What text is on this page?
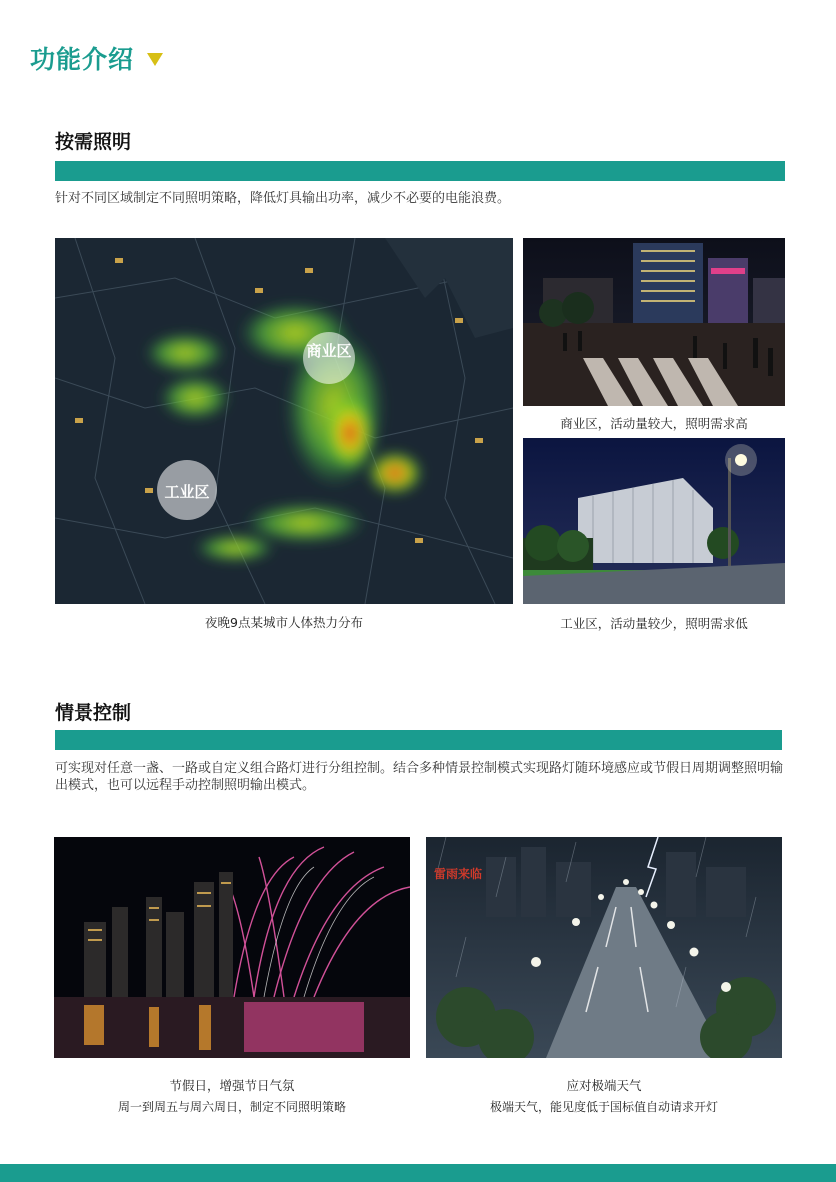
功能介绍
按需照明
针对不同区域制定不同照明策略，降低灯具输出功率，减少不必要的电能浪费。
商业区
工业区
夜晚9点某城市人体热力分布
商业区，活动量较大，照明需求高
工业区，活动量较少，照明需求低
情景控制
可实现对任意一盏、一路或自定义组合路灯进行分组控制。结合多种情景控制模式实现路灯随环境感应或节假日周期调整照明输出模式，也可以远程手动控制照明输出模式。
节假日，增强节日气氛
周一到周五与周六周日，制定不同照明策略
雷雨来临
应对极端天气
极端天气，能见度低于国标值自动请求开灯
